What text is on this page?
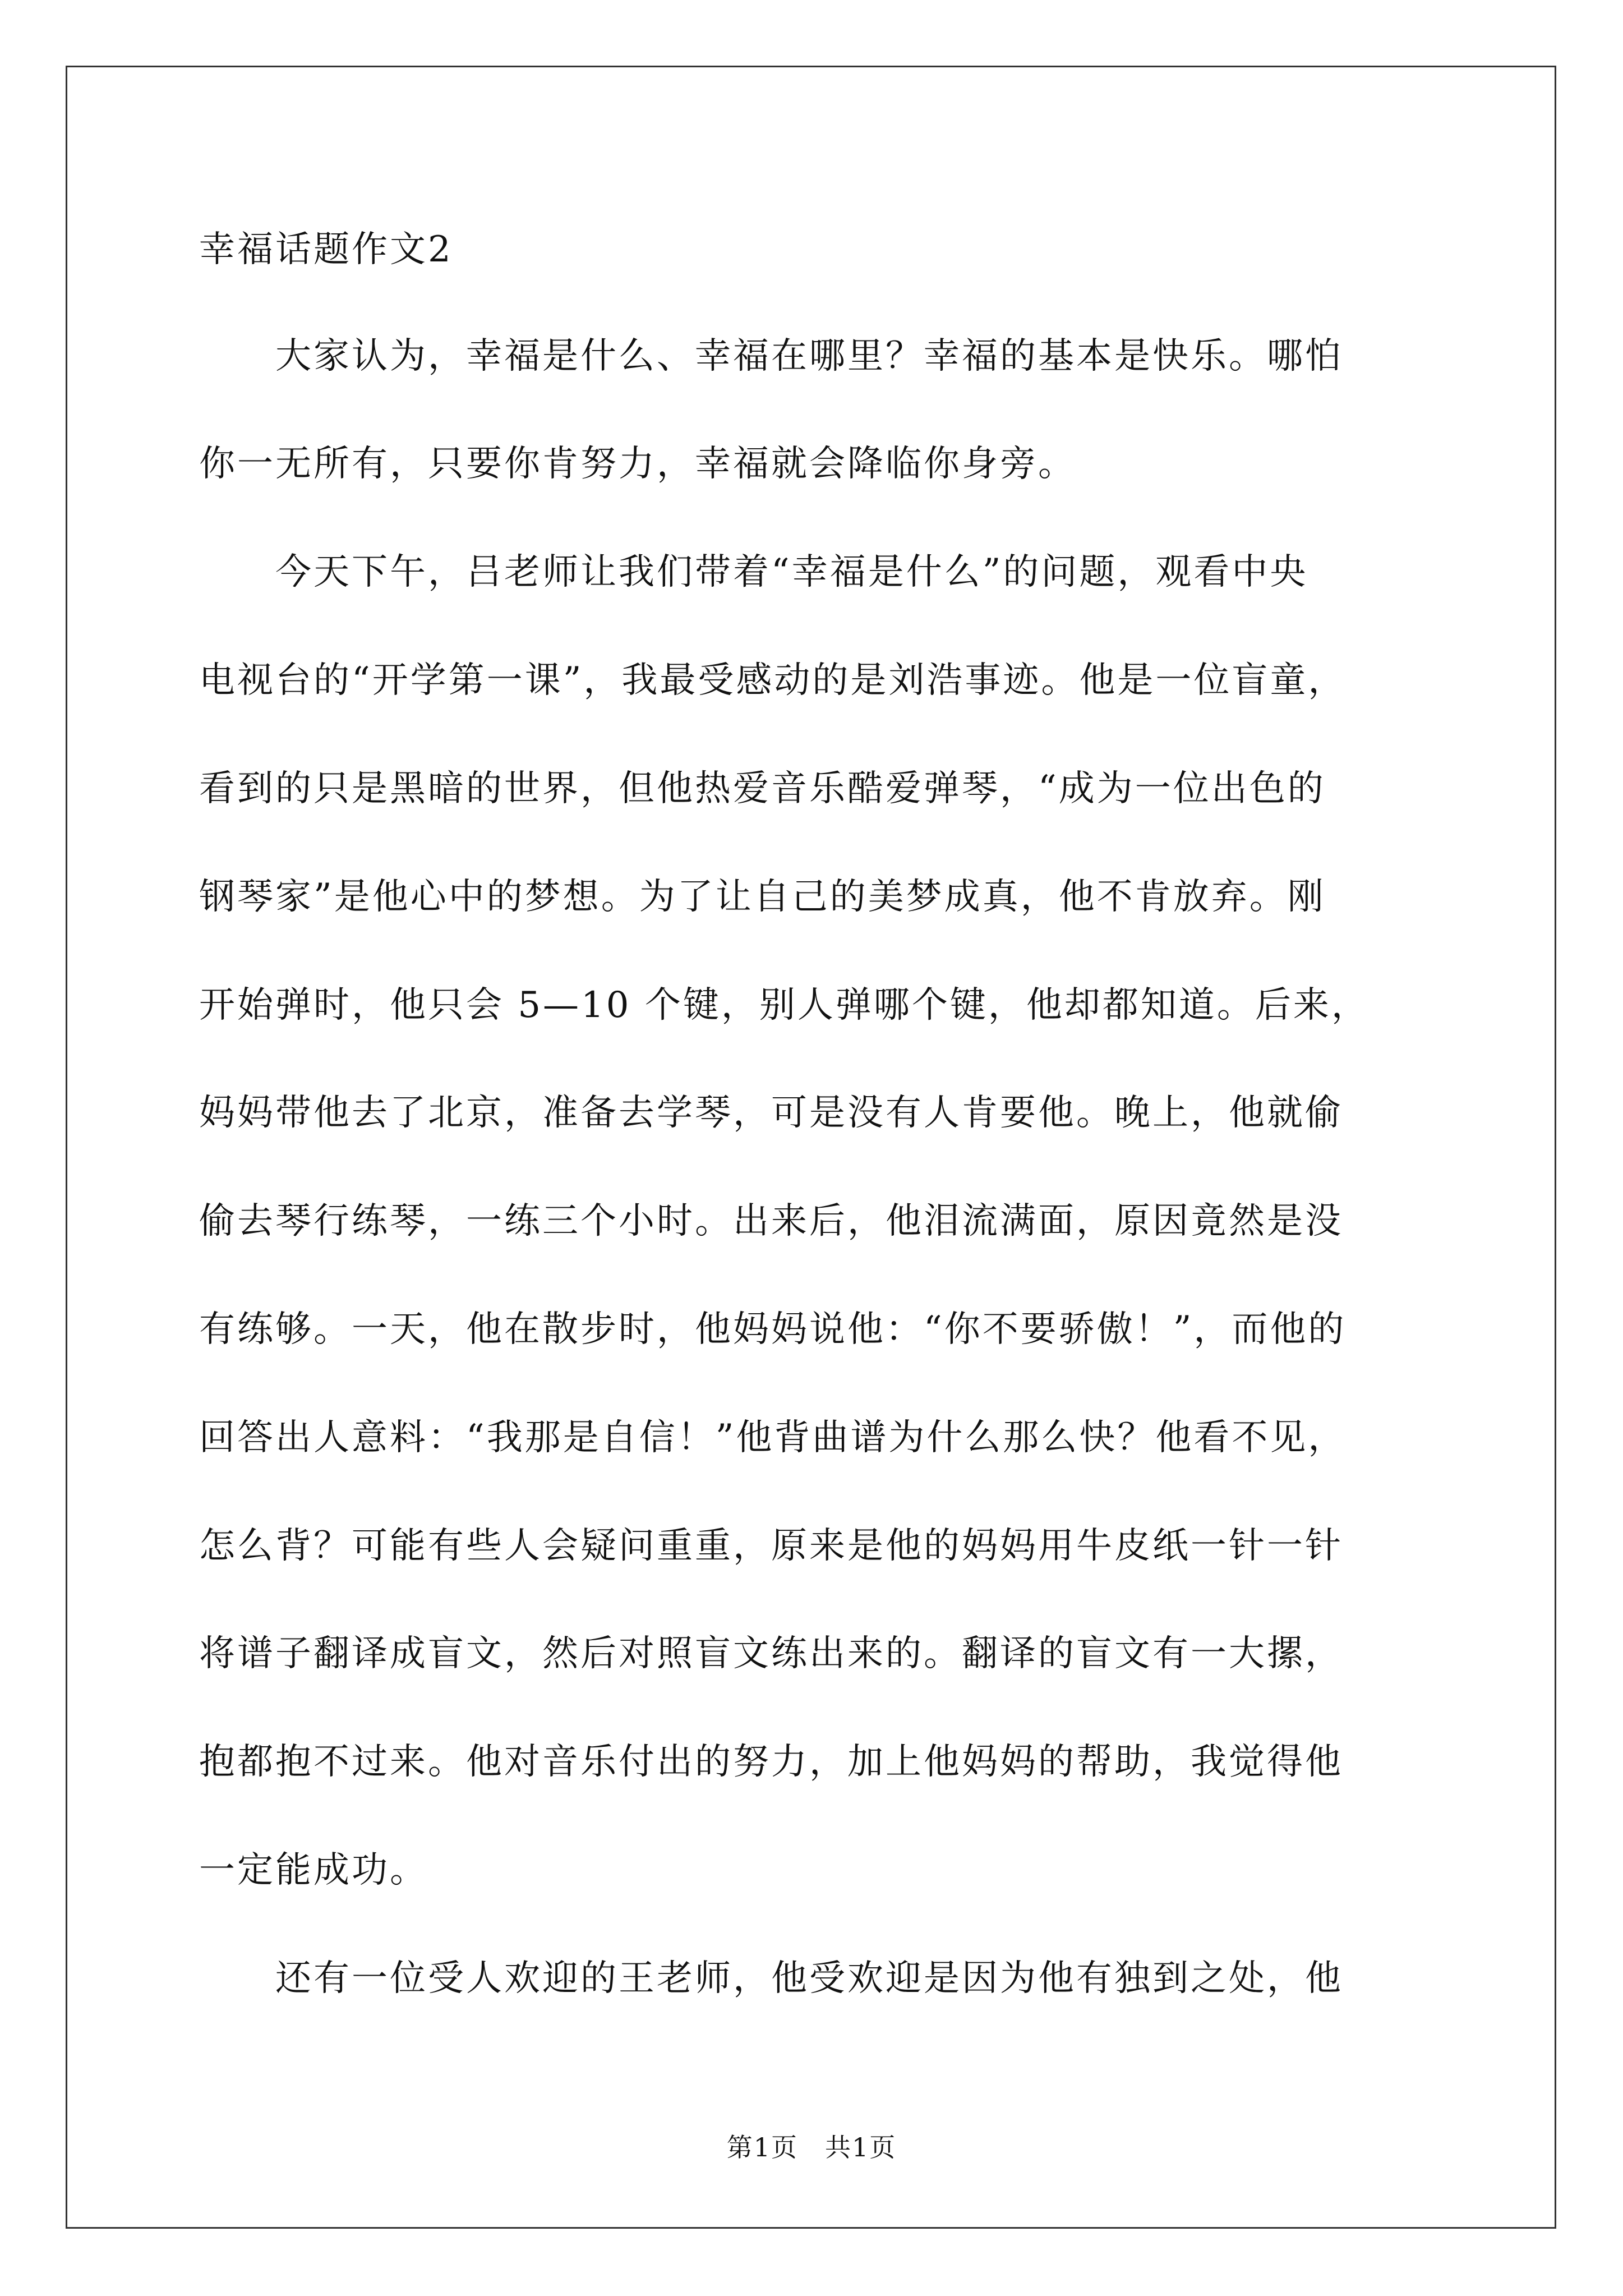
幸福话题作文2

　　大家认为，幸福是什么、幸福在哪里？幸福的基本是快乐。哪怕

你一无所有，只要你肯努力，幸福就会降临你身旁。

　　今天下午，吕老师让我们带着“幸福是什么”的问题，观看中央

电视台的“开学第一课”，我最受感动的是刘浩事迹。他是一位盲童，

看到的只是黑暗的世界，但他热爱音乐酷爱弹琴，“成为一位出色的

钢琴家”是他心中的梦想。为了让自己的美梦成真，他不肯放弃。刚

开始弹时，他只会 5—10 个键，别人弹哪个键，他却都知道。后来，

妈妈带他去了北京，准备去学琴，可是没有人肯要他。晚上，他就偷

偷去琴行练琴，一练三个小时。出来后，他泪流满面，原因竟然是没

有练够。一天，他在散步时，他妈妈说他：“你不要骄傲！”，而他的

回答出人意料：“我那是自信！”他背曲谱为什么那么快？他看不见，

怎么背？可能有些人会疑问重重，原来是他的妈妈用牛皮纸一针一针

将谱子翻译成盲文，然后对照盲文练出来的。翻译的盲文有一大摞，

抱都抱不过来。他对音乐付出的努力，加上他妈妈的帮助，我觉得他

一定能成功。

　　还有一位受人欢迎的王老师，他受欢迎是因为他有独到之处，他

第1页　共1页
